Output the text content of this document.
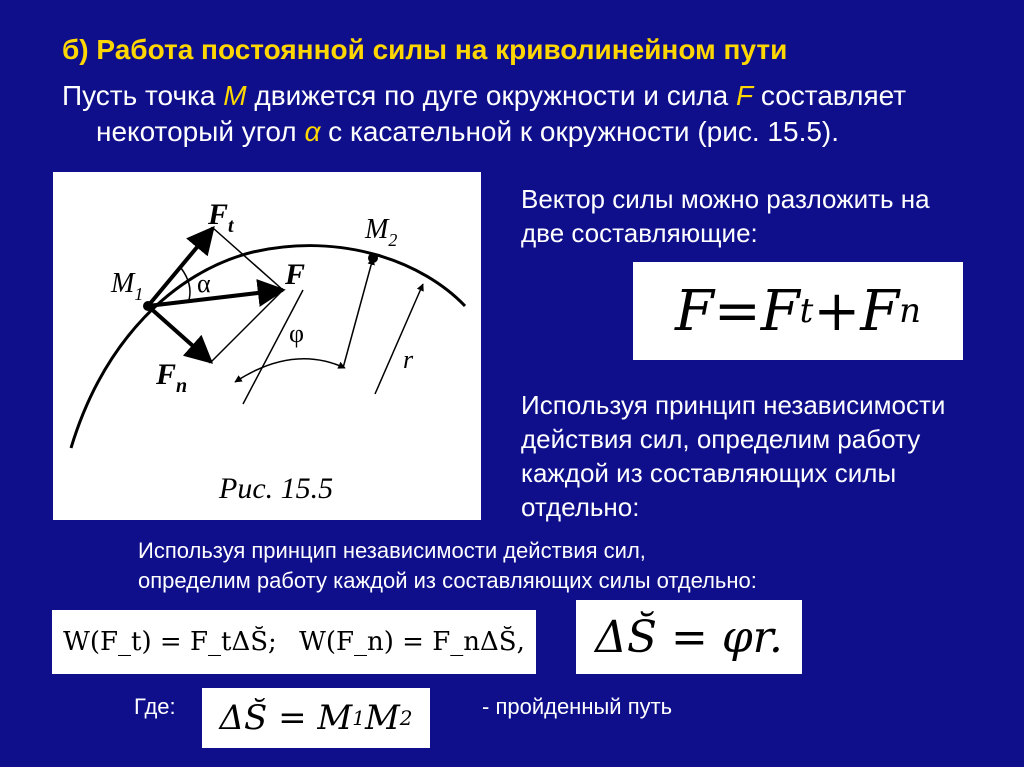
б) Работа постоянной силы на криволинейном пути
Пусть точка M движется по дуге окружности и сила F составляет
некоторый угол α с касательной к окружности (рис. 15.5).
$F_t$
F
$F_n$
$M_1$
$M_2$
α
φ
r
Рис. 15.5
Вектор силы можно разложить на
две составляющие:
F = F t + F n
Используя принцип независимости
действия сил, определим работу
каждой из составляющих силы
отдельно:
Используя принцип независимости действия сил,
определим работу каждой из составляющих силы отдельно:
W(F_t) = F_tΔS̆; W(F_n) = F_nΔS̆,	ΔS̆ = φr.
Где: ΔS̆ = M 1 M 2	- пройденный путь
